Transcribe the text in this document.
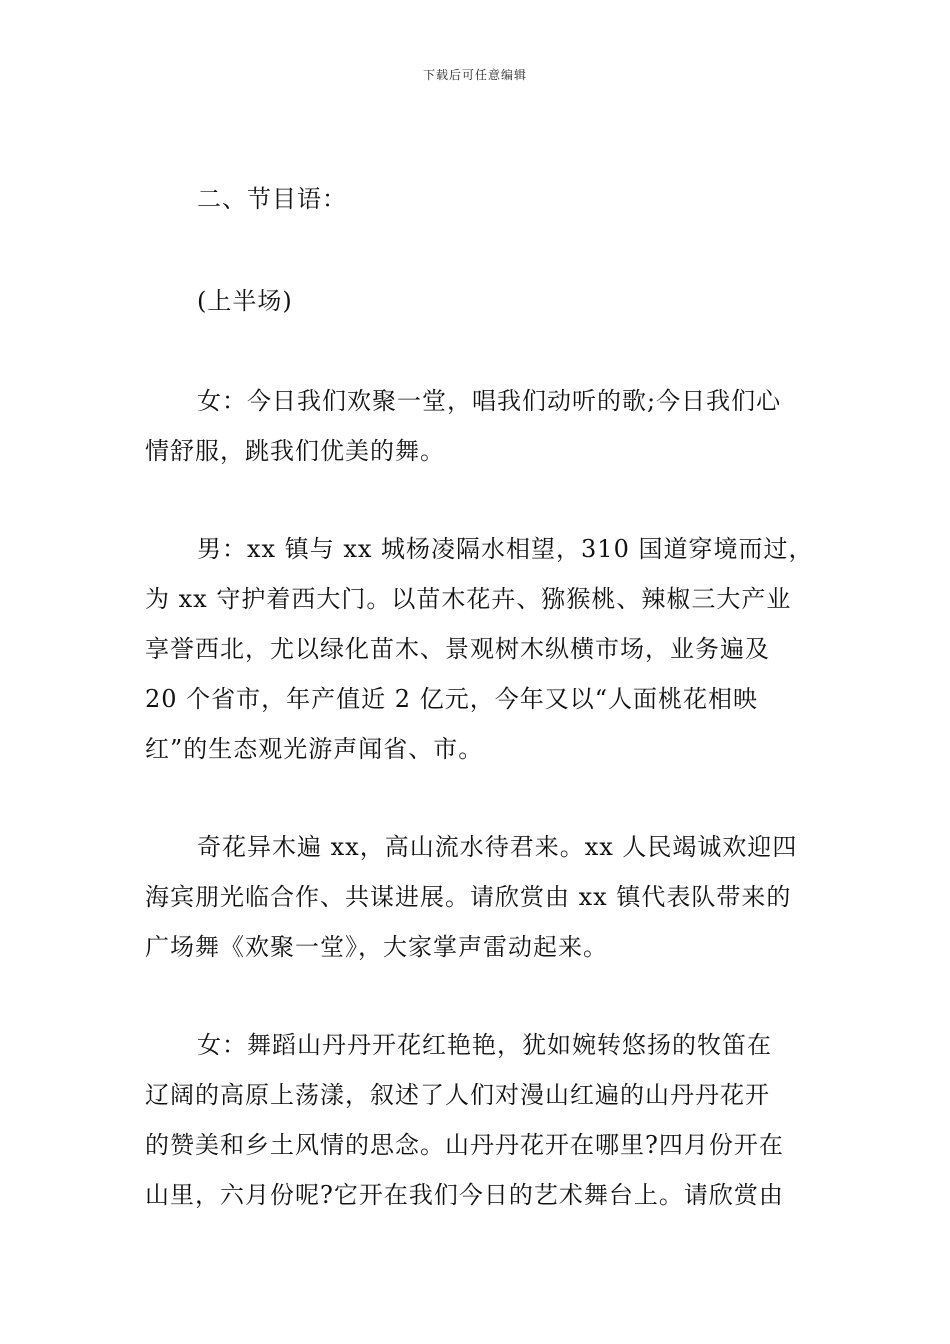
下载后可任意编辑
二、节目语：
(上半场)
女：今日我们欢聚一堂，唱我们动听的歌;今日我们心
情舒服，跳我们优美的舞。
男：xx 镇与 xx 城杨凌隔水相望，310 国道穿境而过，
为 xx 守护着西大门。以苗木花卉、猕猴桃、辣椒三大产业
享誉西北，尤以绿化苗木、景观树木纵横市场，业务遍及
20 个省市，年产值近 2 亿元，今年又以“人面桃花相映
红”的生态观光游声闻省、市。
奇花异木遍 xx，高山流水待君来。xx 人民竭诚欢迎四
海宾朋光临合作、共谋进展。请欣赏由 xx 镇代表队带来的
广场舞《欢聚一堂》，大家掌声雷动起来。
女：舞蹈山丹丹开花红艳艳，犹如婉转悠扬的牧笛在
辽阔的高原上荡漾，叙述了人们对漫山红遍的山丹丹花开
的赞美和乡土风情的思念。山丹丹花开在哪里?四月份开在
山里，六月份呢?它开在我们今日的艺术舞台上。请欣赏由
